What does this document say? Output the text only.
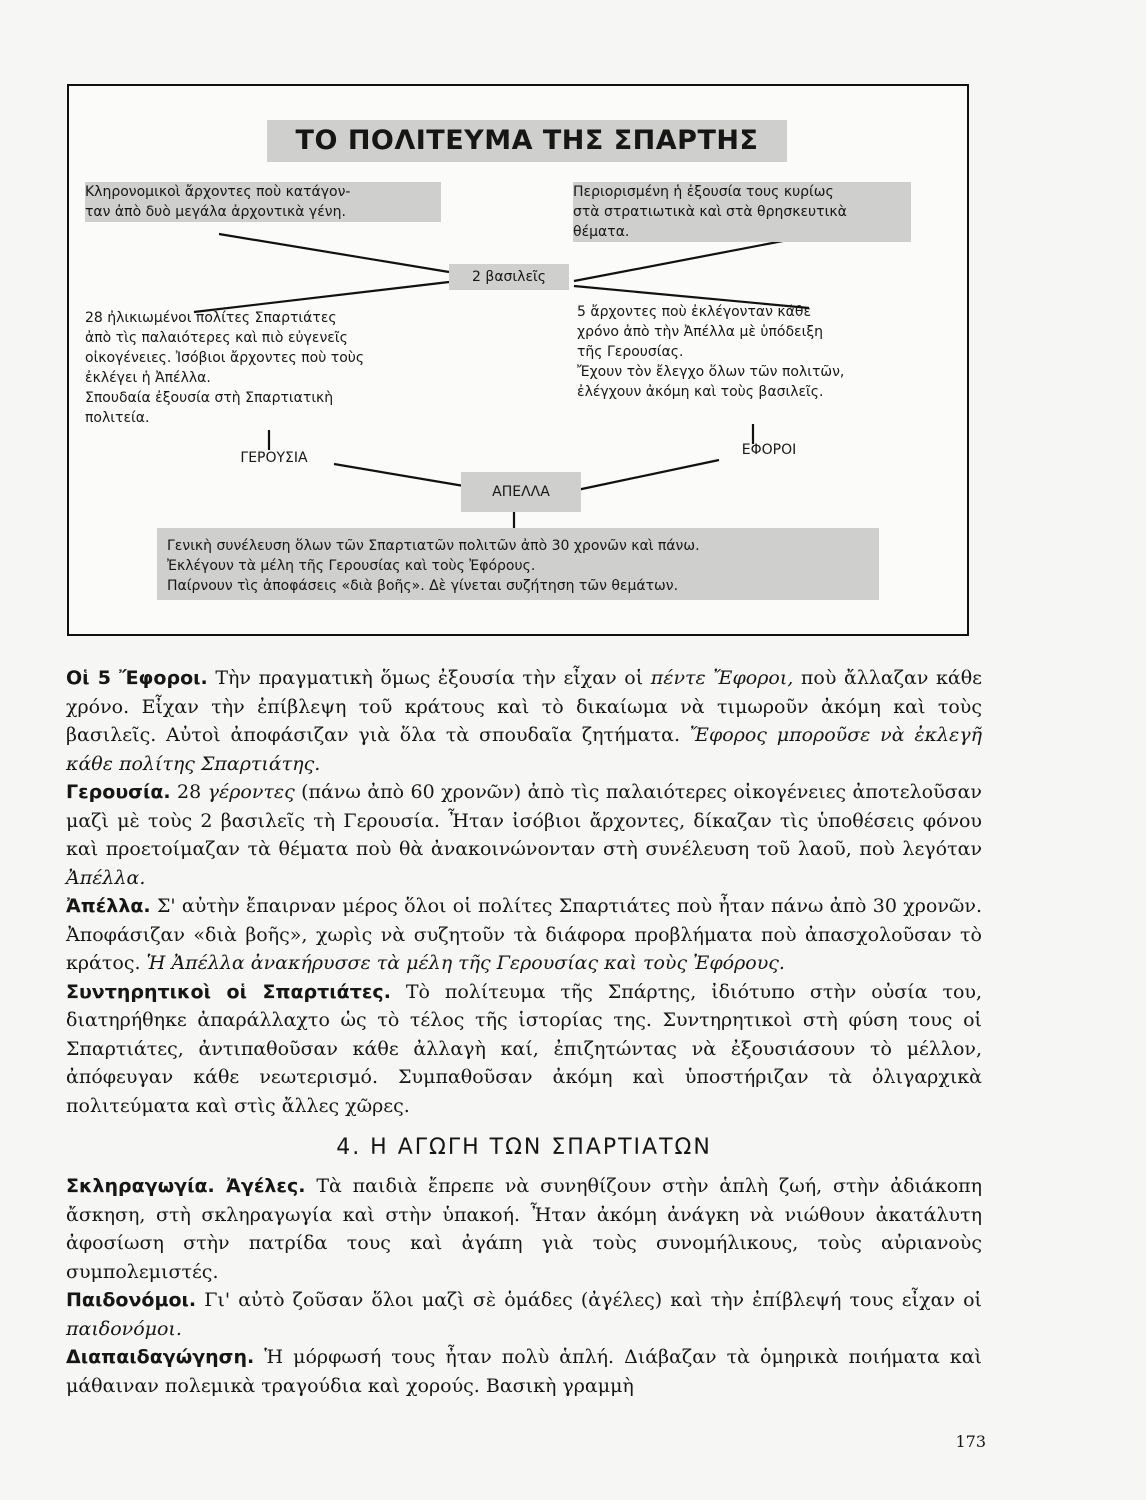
ΤΟ ΠΟΛΙΤΕΥΜΑ ΤΗΣ ΣΠΑΡΤΗΣ
Κληρονομικοὶ ἄρχοντες ποὺ κατάγον-
ταν ἀπὸ δυὸ μεγάλα ἀρχοντικὰ γένη.
Περιορισμένη ἡ ἐξουσία τους κυρίως
στὰ στρατιωτικὰ καὶ στὰ θρησκευτικὰ
θέματα.
2 βασιλεῖς
28 ἠλικιωμένοι πολίτες Σπαρτιάτες
ἀπὸ τὶς παλαιότερες καὶ πιὸ εὐγενεῖς
οἰκογένειες. Ἰσόβιοι ἄρχοντες ποὺ τοὺς
ἐκλέγει ἡ Ἀπέλλα.
Σπουδαία ἐξουσία στὴ Σπαρτιατικὴ
πολιτεία.
5 ἄρχοντες ποὺ ἐκλέγονταν κάθε
χρόνο ἀπὸ τὴν Ἀπέλλα μὲ ὑπόδειξη
τῆς Γερουσίας.
Ἔχουν τὸν ἔλεγχο ὅλων τῶν πολιτῶν,
ἐλέγχουν ἀκόμη καὶ τοὺς βασιλεῖς.
ΓΕΡΟΥΣΙΑ	ΕΦΟΡΟΙ
ΑΠΕΛΛΑ
Γενικὴ συνέλευση ὅλων τῶν Σπαρτιατῶν πολιτῶν ἀπὸ 30 χρονῶν καὶ πάνω.
Ἐκλέγουν τὰ μέλη τῆς Γερουσίας καὶ τοὺς Ἐφόρους.
Παίρνουν τὶς ἀποφάσεις «διὰ βοῆς». Δὲ γίνεται συζήτηση τῶν θεμάτων.

Οἱ 5 Ἔφοροι. Τὴν πραγματικὴ ὅμως ἐξουσία τὴν εἶχαν οἱ πέντε Ἔφοροι, ποὺ ἄλλαζαν κάθε χρόνο. Εἶχαν τὴν ἐπίβλεψη τοῦ κράτους καὶ τὸ δικαίωμα νὰ τιμωροῦν ἀκόμη καὶ τοὺς βασιλεῖς. Αὐτοὶ ἀποφάσιζαν γιὰ ὅλα τὰ σπουδαῖα ζητήματα. Ἔφορος μποροῦσε νὰ ἐκλεγῆ κάθε πολίτης Σπαρτιάτης.

Γερουσία. 28 γέροντες (πάνω ἀπὸ 60 χρονῶν) ἀπὸ τὶς παλαιότερες οἰκογένειες ἀποτελοῦσαν μαζὶ μὲ τοὺς 2 βασιλεῖς τὴ Γερουσία. Ἦταν ἰσόβιοι ἄρχοντες, δίκαζαν τὶς ὑποθέσεις φόνου καὶ προετοίμαζαν τὰ θέματα ποὺ θὰ ἀνακοινώνονταν στὴ συνέλευση τοῦ λαοῦ, ποὺ λεγόταν Ἀπέλλα.

Ἀπέλλα. Σ' αὐτὴν ἔπαιρναν μέρος ὅλοι οἱ πολίτες Σπαρτιάτες ποὺ ἦταν πάνω ἀπὸ 30 χρονῶν. Ἀποφάσιζαν «διὰ βοῆς», χωρὶς νὰ συζητοῦν τὰ διάφορα προβλήματα ποὺ ἀπασχολοῦσαν τὸ κράτος. Ἡ Ἀπέλλα ἀνακήρυσσε τὰ μέλη τῆς Γερουσίας καὶ τοὺς Ἐφόρους.

Συντηρητικοὶ οἱ Σπαρτιάτες. Τὸ πολίτευμα τῆς Σπάρτης, ἰδιότυπο στὴν οὐσία του, διατηρήθηκε ἀπαράλλαχτο ὡς τὸ τέλος τῆς ἱστορίας της. Συντηρητικοὶ στὴ φύση τους οἱ Σπαρτιάτες, ἀντιπαθοῦσαν κάθε ἀλλαγὴ καί, ἐπιζητώντας νὰ ἐξουσιάσουν τὸ μέλλον, ἀπόφευγαν κάθε νεωτερισμό. Συμπαθοῦσαν ἀκόμη καὶ ὑποστήριζαν τὰ ὀλιγαρχικὰ πολιτεύματα καὶ στὶς ἄλλες χῶρες.

4. Η ΑΓΩΓΗ ΤΩΝ ΣΠΑΡΤΙΑΤΩΝ

Σκληραγωγία. Ἀγέλες. Τὰ παιδιὰ ἔπρεπε νὰ συνηθίζουν στὴν ἁπλὴ ζωή, στὴν ἀδιάκοπη ἄσκηση, στὴ σκληραγωγία καὶ στὴν ὑπακοή. Ἦταν ἀκόμη ἀνάγκη νὰ νιώθουν ἀκατάλυτη ἀφοσίωση στὴν πατρίδα τους καὶ ἀγάπη γιὰ τοὺς συνομήλικους, τοὺς αὐριανοὺς συμπολεμιστές.

Παιδονόμοι. Γι' αὐτὸ ζοῦσαν ὅλοι μαζὶ σὲ ὁμάδες (ἀγέλες) καὶ τὴν ἐπίβλεψή τους εἶχαν οἱ παιδονόμοι.

Διαπαιδαγώγηση. Ἡ μόρφωσή τους ἦταν πολὺ ἁπλή. Διάβαζαν τὰ ὁμηρικὰ ποιήματα καὶ μάθαιναν πολεμικὰ τραγούδια καὶ χορούς. Βασικὴ γραμμὴ

173
